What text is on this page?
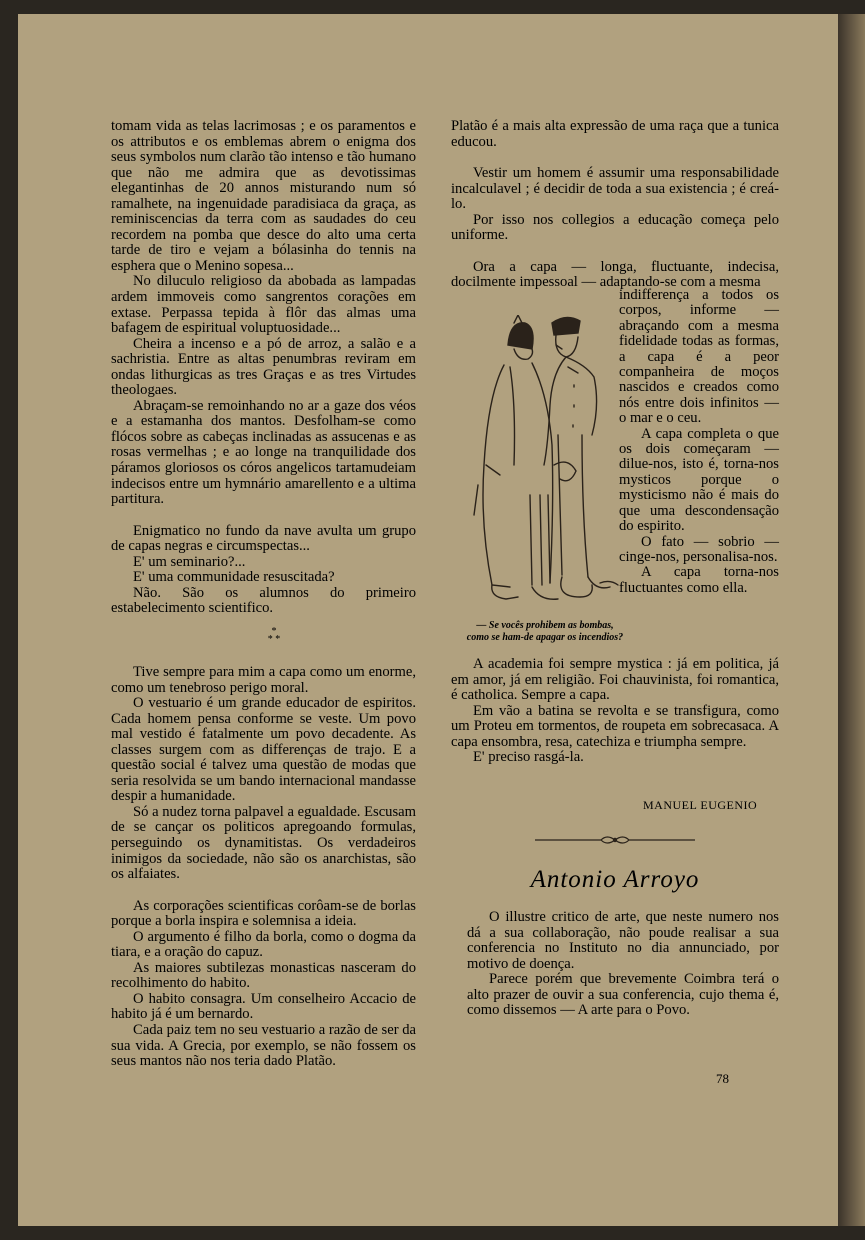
tomam vida as telas lacrimosas ; e os paramentos e os attributos e os emblemas abrem o enigma dos seus symbolos num clarão tão intenso e tão humano que não me admira que as devotissimas elegantinhas de 20 annos misturando num só ramalhete, na ingenuidade paradisiaca da graça, as reminiscencias da terra com as saudades do ceu recordem na pomba que desce do alto uma certa tarde de tiro e vejam a bólasinha do tennis na esphera que o Menino sopesa...

No diluculo religioso da abobada as lampadas ardem immoveis como sangrentos corações em extase. Perpassa tepida à flôr das almas uma bafagem de espiritual voluptuosidade...

Cheira a incenso e a pó de arroz, a salão e a sachristia. Entre as altas penumbras reviram em ondas lithurgicas as tres Graças e as tres Virtudes theologaes.

Abraçam-se remoinhando no ar a gaze dos véos e a estamanha dos mantos. Desfolham-se como flócos sobre as cabeças inclinadas as assucenas e as rosas vermelhas ; e ao longe na tranquilidade dos páramos gloriosos os córos angelicos tartamudeiam indecisos entre um hymnário amarellento e a ultima partitura.

Enigmatico no fundo da nave avulta um grupo de capas negras e circumspectas...

E' um seminario?...

E' uma communidade resuscitada?

Não. São os alumnos do primeiro estabelecimento scientifico.

Tive sempre para mim a capa como um enorme, como um tenebroso perigo moral.

O vestuario é um grande educador de espiritos. Cada homem pensa conforme se veste. Um povo mal vestido é fatalmente um povo decadente. As classes surgem com as differenças de trajo. E a questão social é talvez uma questão de modas que seria resolvida se um bando internacional mandasse despir a humanidade.

Só a nudez torna palpavel a egualdade. Escusam de se cançar os politicos apregoando formulas, perseguindo os dynamitistas. Os verdadeiros inimigos da sociedade, não são os anarchistas, são os alfaiates.

As corporações scientificas corôam-se de borlas porque a borla inspira e solemnisa a ideia.

O argumento é filho da borla, como o dogma da tiara, e a oração do capuz.

As maiores subtilezas monasticas nasceram do recolhimento do habito.

O habito consagra. Um conselheiro Accacio de habito já é um bernardo.

Cada paiz tem no seu vestuario a razão de ser da sua vida. A Grecia, por exemplo, se não fossem os seus mantos não nos teria dado Platão.

*
* *

Platão é a mais alta expressão de uma raça que a tunica educou.

Vestir um homem é assumir uma responsabilidade incalculavel ; é decidir de toda a sua existencia ; é creá-lo.

Por isso nos collegios a educação começa pelo uniforme.

Ora a capa — longa, fluctuante, indecisa, docilmente impessoal — adaptando-se com a mesma

indifferença a todos os corpos, informe — abraçando com a mesma fidelidade todas as formas, a capa é a peor companheira de moços nascidos e creados como nós entre dois infinitos — o mar e o ceu.

A capa completa o que os dois começaram — dilue-nos, isto é, torna-nos mysticos porque o mysticismo não é mais do que uma descondensação do espirito.

O fato — sobrio — cinge-nos, personalisa-nos.

A capa torna-nos fluctuantes como ella.

— Se vocês prohibem as bombas,
como se ham-de apagar os incendios?

A academia foi sempre mystica : já em politica, já em amor, já em religião. Foi chauvinista, foi romantica, é catholica. Sempre a capa.

Em vão a batina se revolta e se transfigura, como um Proteu em tormentos, de roupeta em sobrecasaca. A capa ensombra, resa, catechiza e triumpha sempre.

E' preciso rasgá-la.

MANUEL EUGENIO
Antonio Arroyo

O illustre critico de arte, que neste numero nos dá a sua collaboração, não poude realisar a sua conferencia no Instituto no dia annunciado, por motivo de doença.

Parece porém que brevemente Coimbra terá o alto prazer de ouvir a sua conferencia, cujo thema é, como dissemos — A arte para o Povo.

78
